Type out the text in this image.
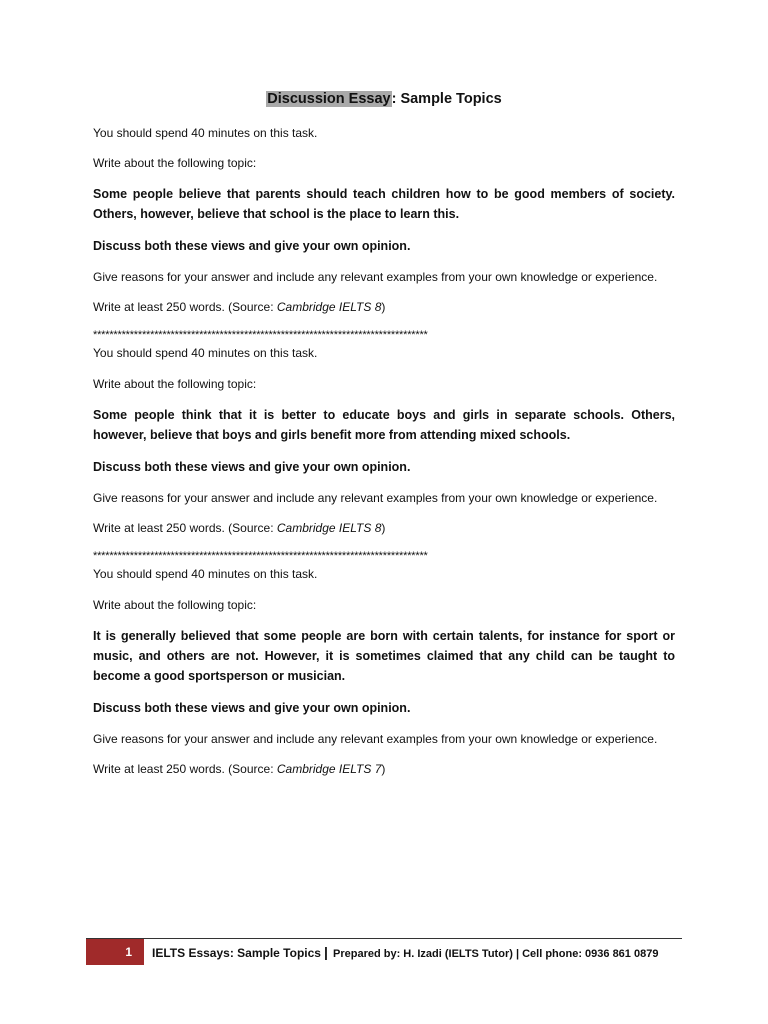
Discussion Essay: Sample Topics

You should spend 40 minutes on this task.

Write about the following topic:

Some people believe that parents should teach children how to be good members of society. Others, however, believe that school is the place to learn this.

Discuss both these views and give your own opinion.

Give reasons for your answer and include any relevant examples from your own knowledge or experience.

Write at least 250 words. (Source: Cambridge IELTS 8)

**********************************************************************************

You should spend 40 minutes on this task.

Write about the following topic:

Some people think that it is better to educate boys and girls in separate schools. Others, however, believe that boys and girls benefit more from attending mixed schools.

Discuss both these views and give your own opinion.

Give reasons for your answer and include any relevant examples from your own knowledge or experience.

Write at least 250 words. (Source: Cambridge IELTS 8)

**********************************************************************************

You should spend 40 minutes on this task.

Write about the following topic:

It is generally believed that some people are born with certain talents, for instance for sport or music, and others are not. However, it is sometimes claimed that any child can be taught to become a good sportsperson or musician.

Discuss both these views and give your own opinion.

Give reasons for your answer and include any relevant examples from your own knowledge or experience.

Write at least 250 words. (Source: Cambridge IELTS 7)

1	IELTS Essays: Sample Topics | Prepared by: H. Izadi (IELTS Tutor) | Cell phone: 0936 861 0879
